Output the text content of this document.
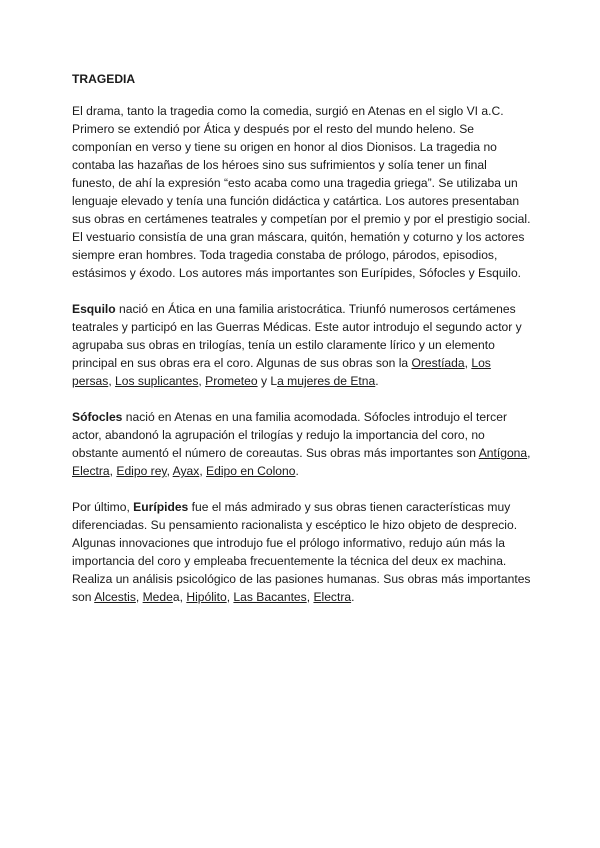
TRAGEDIA

El drama, tanto la tragedia como la comedia, surgió en Atenas en el siglo VI a.C. Primero se extendió por Ática y después por el resto del mundo heleno. Se componían en verso y tiene su origen en honor al dios Dionisos. La tragedia no contaba las hazañas de los héroes sino sus sufrimientos y solía tener un final funesto, de ahí la expresión “esto acaba como una tragedia griega”. Se utilizaba un lenguaje elevado y tenía una función didáctica y catártica. Los autores presentaban sus obras en certámenes teatrales y competían por el premio y por el prestigio social. El vestuario consistía de una gran máscara, quitón, hematión y coturno y los actores siempre eran hombres. Toda tragedia constaba de prólogo, párodos, episodios, estásimos y éxodo. Los autores más importantes son Eurípides, Sófocles y Esquilo.

Esquilo nació en Ática en una familia aristocrática. Triunfó numerosos certámenes teatrales y participó en las Guerras Médicas. Este autor introdujo el segundo actor y agrupaba sus obras en trilogías, tenía un estilo claramente lírico y un elemento principal en sus obras era el coro. Algunas de sus obras son la Orestíada, Los persas, Los suplicantes, Prometeo y La mujeres de Etna.

Sófocles nació en Atenas en una familia acomodada. Sófocles introdujo el tercer actor, abandonó la agrupación el trilogías y redujo la importancia del coro, no obstante aumentó el número de coreautas. Sus obras más importantes son Antígona, Electra, Edipo rey, Ayax, Edipo en Colono.

Por último, Eurípides fue el más admirado y sus obras tienen características muy diferenciadas. Su pensamiento racionalista y escéptico le hizo objeto de desprecio. Algunas innovaciones que introdujo fue el prólogo informativo, redujo aún más la importancia del coro y empleaba frecuentemente la técnica del deux ex machina. Realiza un análisis psicológico de las pasiones humanas. Sus obras más importantes son Alcestis, Medea, Hipólito, Las Bacantes, Electra.
